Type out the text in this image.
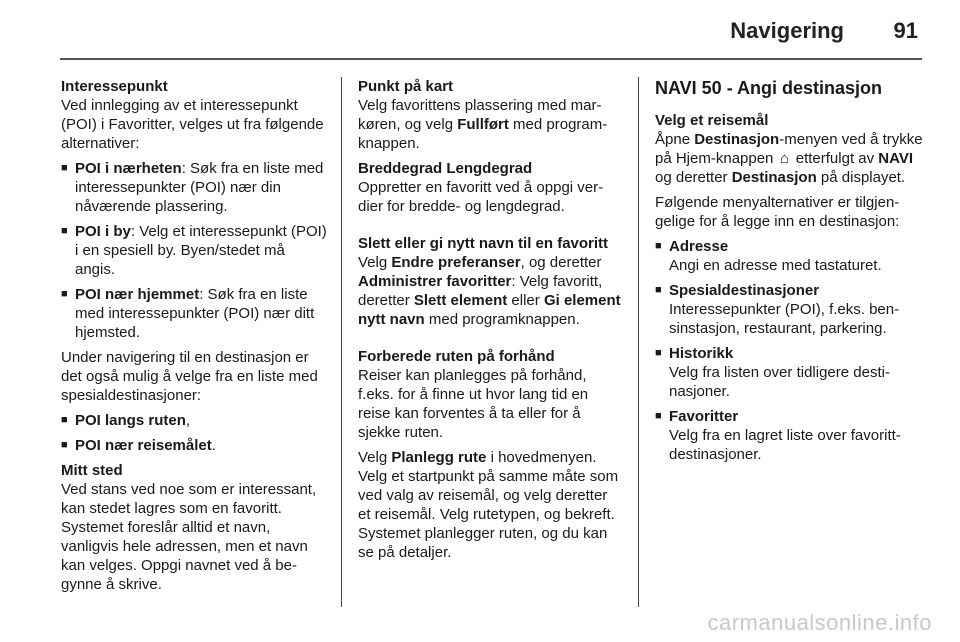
Navigering 91

Interessepunkt

Ved innlegging av et interessepunkt (POI) i Favoritter, velges ut fra følgende alternativer:

■ POI i nærheten: Søk fra en liste med interessepunkter (POI) nær din nåværende plassering.
■ POI i by: Velg et interessepunkt (POI) i en spesiell by. Byen/stedet må angis.
■ POI nær hjemmet: Søk fra en liste med interessepunkter (POI) nær ditt hjemsted.

Under navigering til en destinasjon er det også mulig å velge fra en liste med spesialdestinasjoner:

■ POI langs ruten,
■ POI nær reisemålet.

Mitt sted

Ved stans ved noe som er interessant, kan stedet lagres som en favoritt. Systemet foreslår alltid et navn, vanligvis hele adressen, men et navn kan velges. Oppgi navnet ved å begynne å skrive.

Punkt på kart

Velg favorittens plassering med markøren, og velg Fullført med programknappen.

Breddegrad Lengdegrad

Oppretter en favoritt ved å oppgi verdier for bredde- og lengdegrad.

Slett eller gi nytt navn til en favoritt

Velg Endre preferanser, og deretter Administrer favoritter: Velg favoritt, deretter Slett element eller Gi element nytt navn med programknappen.

Forberede ruten på forhånd

Reiser kan planlegges på forhånd, f.eks. for å finne ut hvor lang tid en reise kan forventes å ta eller for å sjekke ruten.

Velg Planlegg rute i hovedmenyen. Velg et startpunkt på samme måte som ved valg av reisemål, og velg deretter et reisemål. Velg rutetypen, og bekreft. Systemet planlegger ruten, og du kan se på detaljer.

NAVI 50 - Angi destinasjon

Velg et reisemål

Åpne Destinasjon-menyen ved å trykke på Hjem-knappen ⌂ etterfulgt av NAVI og deretter Destinasjon på displayet.

Følgende menyalternativer er tilgjengelige for å legge inn en destinasjon:

■ Adresse
Angi en adresse med tastaturet.
■ Spesialdestinasjoner
Interessepunkter (POI), f.eks. bensinstasjon, restaurant, parkering.
■ Historikk
Velg fra listen over tidligere destinasjoner.
■ Favoritter
Velg fra en lagret liste over favorittdestinasjoner.
carmanualsonline.info
